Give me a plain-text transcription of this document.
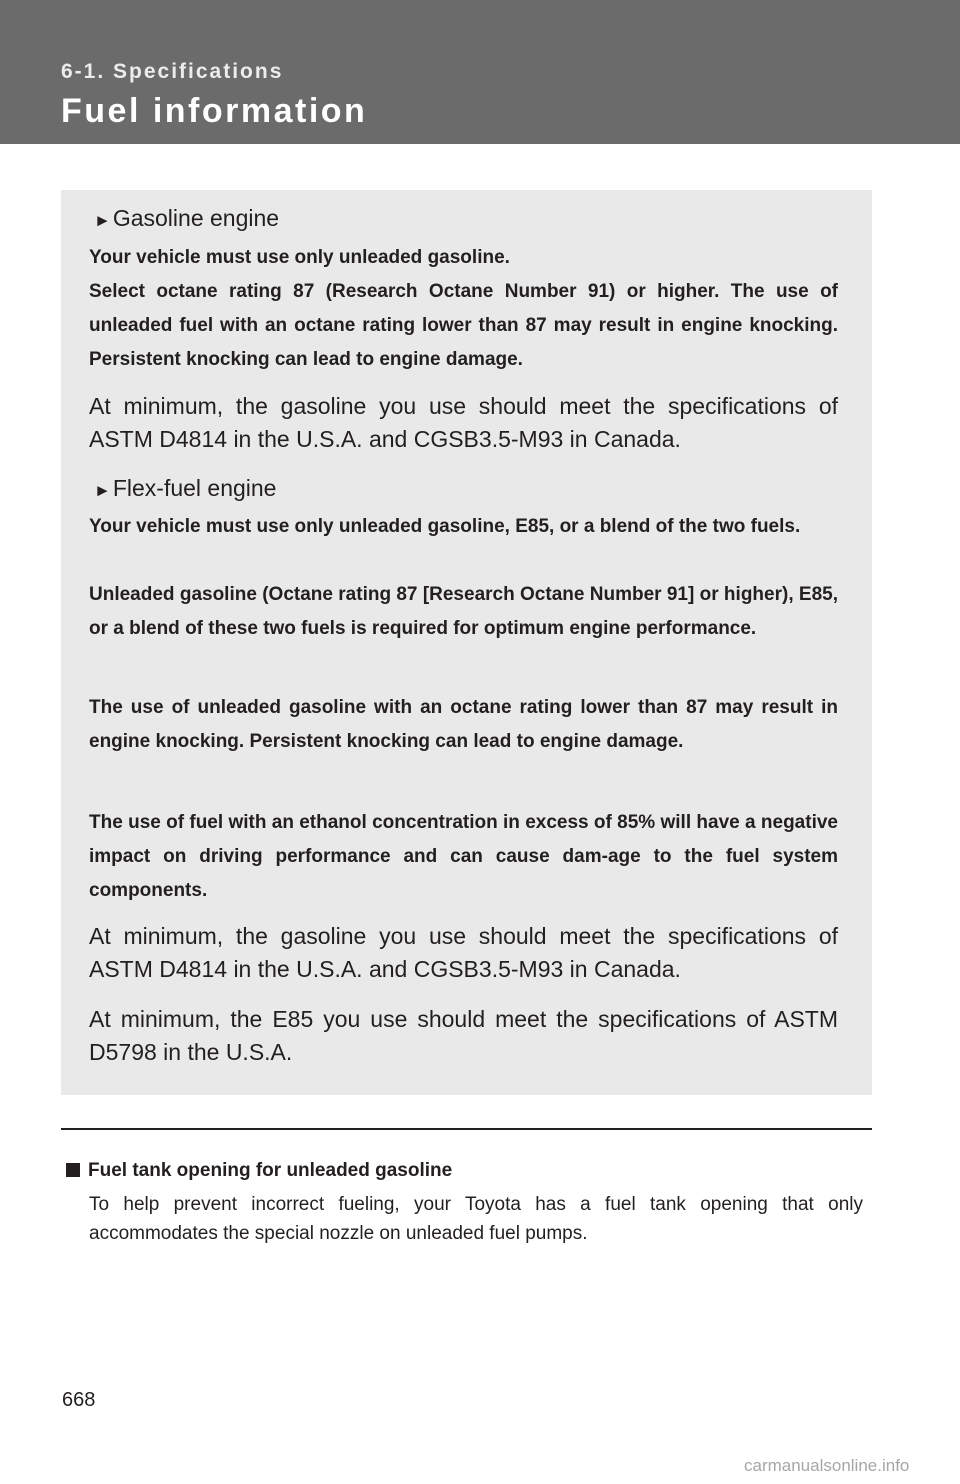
6-1. Specifications
Fuel information
►Gasoline engine
Your vehicle must use only unleaded gasoline.
Select octane rating 87 (Research Octane Number 91) or higher. The use of unleaded fuel with an octane rating lower than 87 may result in engine knocking. Persistent knocking can lead to engine damage.
At minimum, the gasoline you use should meet the specifications of ASTM D4814 in the U.S.A. and CGSB3.5-M93 in Canada.
►Flex-fuel engine
Your vehicle must use only unleaded gasoline, E85, or a blend of the two fuels.
Unleaded gasoline (Octane rating 87 [Research Octane Number 91] or higher), E85, or a blend of these two fuels is required for optimum engine performance.
The use of unleaded gasoline with an octane rating lower than 87 may result in engine knocking. Persistent knocking can lead to engine damage.
The use of fuel with an ethanol concentration in excess of 85% will have a negative impact on driving performance and can cause dam-age to the fuel system components.
At minimum, the gasoline you use should meet the specifications of ASTM D4814 in the U.S.A. and CGSB3.5-M93 in Canada.
At minimum, the E85 you use should meet the specifications of ASTM D5798 in the U.S.A.
Fuel tank opening for unleaded gasoline
To help prevent incorrect fueling, your Toyota has a fuel tank opening that only accommodates the special nozzle on unleaded fuel pumps.
668
carmanualsonline.info
